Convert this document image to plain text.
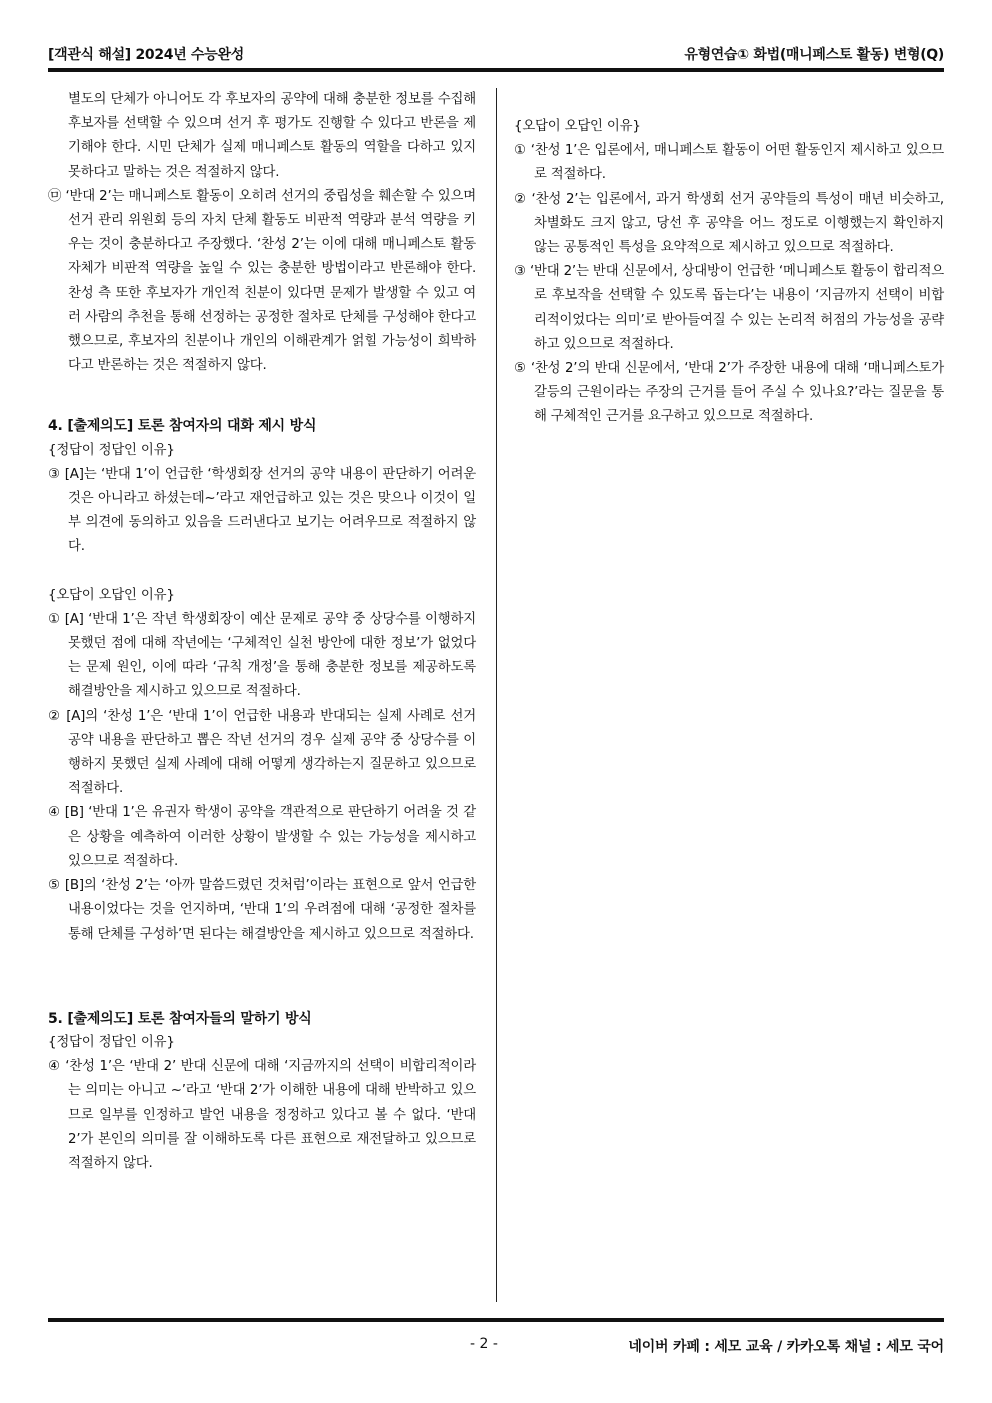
[객관식 해설] 2024년 수능완성	유형연습① 화법(매니페스토 활동) 변형(Q)

별도의 단체가 아니어도 각 후보자의 공약에 대해 충분한 정보를 수집해 후보자를 선택할 수 있으며 선거 후 평가도 진행할 수 있다고 반론을 제기해야 한다. 시민 단체가 실제 매니페스토 활동의 역할을 다하고 있지 못하다고 말하는 것은 적절하지 않다.

㉤ ‘반대 2’는 매니페스토 활동이 오히려 선거의 중립성을 훼손할 수 있으며 선거 관리 위원회 등의 자치 단체 활동도 비판적 역량과 분석 역량을 키우는 것이 충분하다고 주장했다. ‘찬성 2’는 이에 대해 매니페스토 활동 자체가 비판적 역량을 높일 수 있는 충분한 방법이라고 반론해야 한다. 찬성 측 또한 후보자가 개인적 친분이 있다면 문제가 발생할 수 있고 여러 사람의 추천을 통해 선정하는 공정한 절차로 단체를 구성해야 한다고 했으므로, 후보자의 친분이나 개인의 이해관계가 얽힐 가능성이 희박하다고 반론하는 것은 적절하지 않다.

4. [출제의도] 토론 참여자의 대화 제시 방식

{정답이 정답인 이유}

③ [A]는 ‘반대 1’이 언급한 ‘학생회장 선거의 공약 내용이 판단하기 어려운 것은 아니라고 하셨는데~’라고 재언급하고 있는 것은 맞으나 이것이 일부 의견에 동의하고 있음을 드러낸다고 보기는 어려우므로 적절하지 않다.

{오답이 오답인 이유}

① [A] ‘반대 1’은 작년 학생회장이 예산 문제로 공약 중 상당수를 이행하지 못했던 점에 대해 작년에는 ‘구체적인 실천 방안에 대한 정보’가 없었다는 문제 원인, 이에 따라 ‘규칙 개정’을 통해 충분한 정보를 제공하도록 해결방안을 제시하고 있으므로 적절하다.

② [A]의 ‘찬성 1’은 ‘반대 1’이 언급한 내용과 반대되는 실제 사례로 선거 공약 내용을 판단하고 뽑은 작년 선거의 경우 실제 공약 중 상당수를 이행하지 못했던 실제 사례에 대해 어떻게 생각하는지 질문하고 있으므로 적절하다.

④ [B] ‘반대 1’은 유권자 학생이 공약을 객관적으로 판단하기 어려울 것 같은 상황을 예측하여 이러한 상황이 발생할 수 있는 가능성을 제시하고 있으므로 적절하다.

⑤ [B]의 ‘찬성 2’는 ‘아까 말씀드렸던 것처럼’이라는 표현으로 앞서 언급한 내용이었다는 것을 언지하며, ‘반대 1’의 우려점에 대해 ‘공정한 절차를 통해 단체를 구성하’면 된다는 해결방안을 제시하고 있으므로 적절하다.

5. [출제의도] 토론 참여자들의 말하기 방식

{정답이 정답인 이유}

④ ‘찬성 1’은 ‘반대 2’ 반대 신문에 대해 ‘지금까지의 선택이 비합리적이라는 의미는 아니고 ~’라고 ‘반대 2’가 이해한 내용에 대해 반박하고 있으므로 일부를 인정하고 발언 내용을 정정하고 있다고 볼 수 없다. ‘반대 2’가 본인의 의미를 잘 이해하도록 다른 표현으로 재전달하고 있으므로 적절하지 않다.

{오답이 오답인 이유}

① ‘찬성 1’은 입론에서, 매니페스토 활동이 어떤 활동인지 제시하고 있으므로 적절하다.

② ‘찬성 2’는 입론에서, 과거 학생회 선거 공약들의 특성이 매년 비슷하고, 차별화도 크지 않고, 당선 후 공약을 어느 정도로 이행했는지 확인하지 않는 공통적인 특성을 요약적으로 제시하고 있으므로 적절하다.

③ ‘반대 2’는 반대 신문에서, 상대방이 언급한 ‘메니페스토 활동이 합리적으로 후보작을 선택할 수 있도록 돕는다’는 내용이 ‘지금까지 선택이 비합리적이었다는 의미’로 받아들여질 수 있는 논리적 허점의 가능성을 공략하고 있으므로 적절하다.

⑤ ‘찬성 2’의 반대 신문에서, ‘반대 2’가 주장한 내용에 대해 ‘매니페스토가 갈등의 근원이라는 주장의 근거를 들어 주실 수 있나요?’라는 질문을 통해 구체적인 근거를 요구하고 있으므로 적절하다.

- 2 -	네이버 카페 : 세모 교육 / 카카오톡 채널 : 세모 국어
